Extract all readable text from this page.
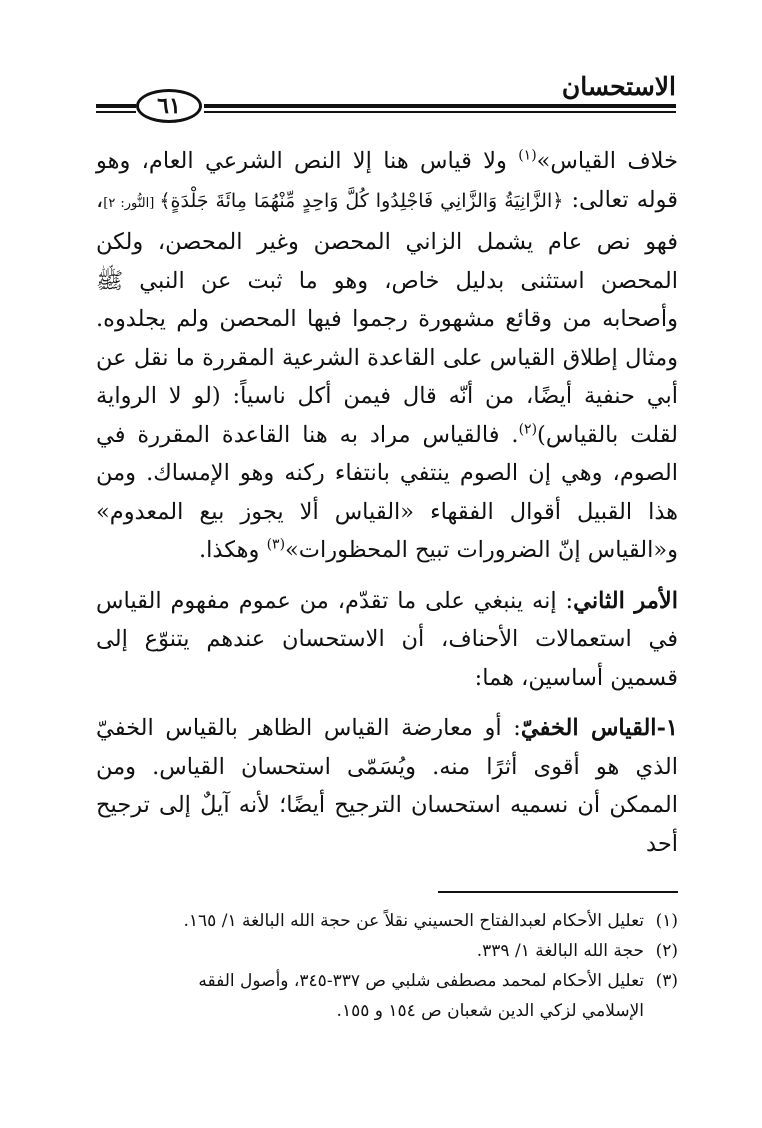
الاستحسان
٦١

خلاف القياس»$^{(١)}$ ولا قياس هنا إلا النص الشرعي العام، وهو قوله تعالى: ﴿الزَّانِيَةُ وَالزَّانِي فَاجْلِدُوا كُلَّ وَاحِدٍ مِّنْهُمَا مِائَةَ جَلْدَةٍ﴾ [النُّور: ٢]، فهو نص عام يشمل الزاني المحصن وغير المحصن، ولكن المحصن استثنى بدليل خاص، وهو ما ثبت عن النبي ﷺ وأصحابه من وقائع مشهورة رجموا فيها المحصن ولم يجلدوه. ومثال إطلاق القياس على القاعدة الشرعية المقررة ما نقل عن أبي حنفية أيضًا، من أنّه قال فيمن أكل ناسياً: (لو لا الرواية لقلت بالقياس)$^{(٢)}$. فالقياس مراد به هنا القاعدة المقررة في الصوم، وهي إن الصوم ينتفي بانتفاء ركنه وهو الإمساك. ومن هذا القبيل أقوال الفقهاء «القياس ألا يجوز بيع المعدوم» و«القياس إنّ الضرورات تبيح المحظورات»$^{(٣)}$ وهكذا.

الأمر الثاني: إنه ينبغي على ما تقدّم، من عموم مفهوم القياس في استعمالات الأحناف، أن الاستحسان عندهم يتنوّع إلى قسمين أساسين، هما:

١-القياس الخفيّ: أو معارضة القياس الظاهر بالقياس الخفيّ الذي هو أقوى أثرًا منه. ويُسَمّى استحسان القياس. ومن الممكن أن نسميه استحسان الترجيح أيضًا؛ لأنه آيلٌ إلى ترجيح أحد

(١)تعليل الأحكام لعبدالفتاح الحسيني نقلاً عن حجة الله البالغة ١/ ١٦٥.

(٢)حجة الله البالغة ١/ ٣٣٩.

(٣)تعليل الأحكام لمحمد مصطفى شلبي ص ٣٣٧-٣٤٥، وأصول الفقه

الإسلامي لزكي الدين شعبان ص ١٥٤ و ١٥٥.
